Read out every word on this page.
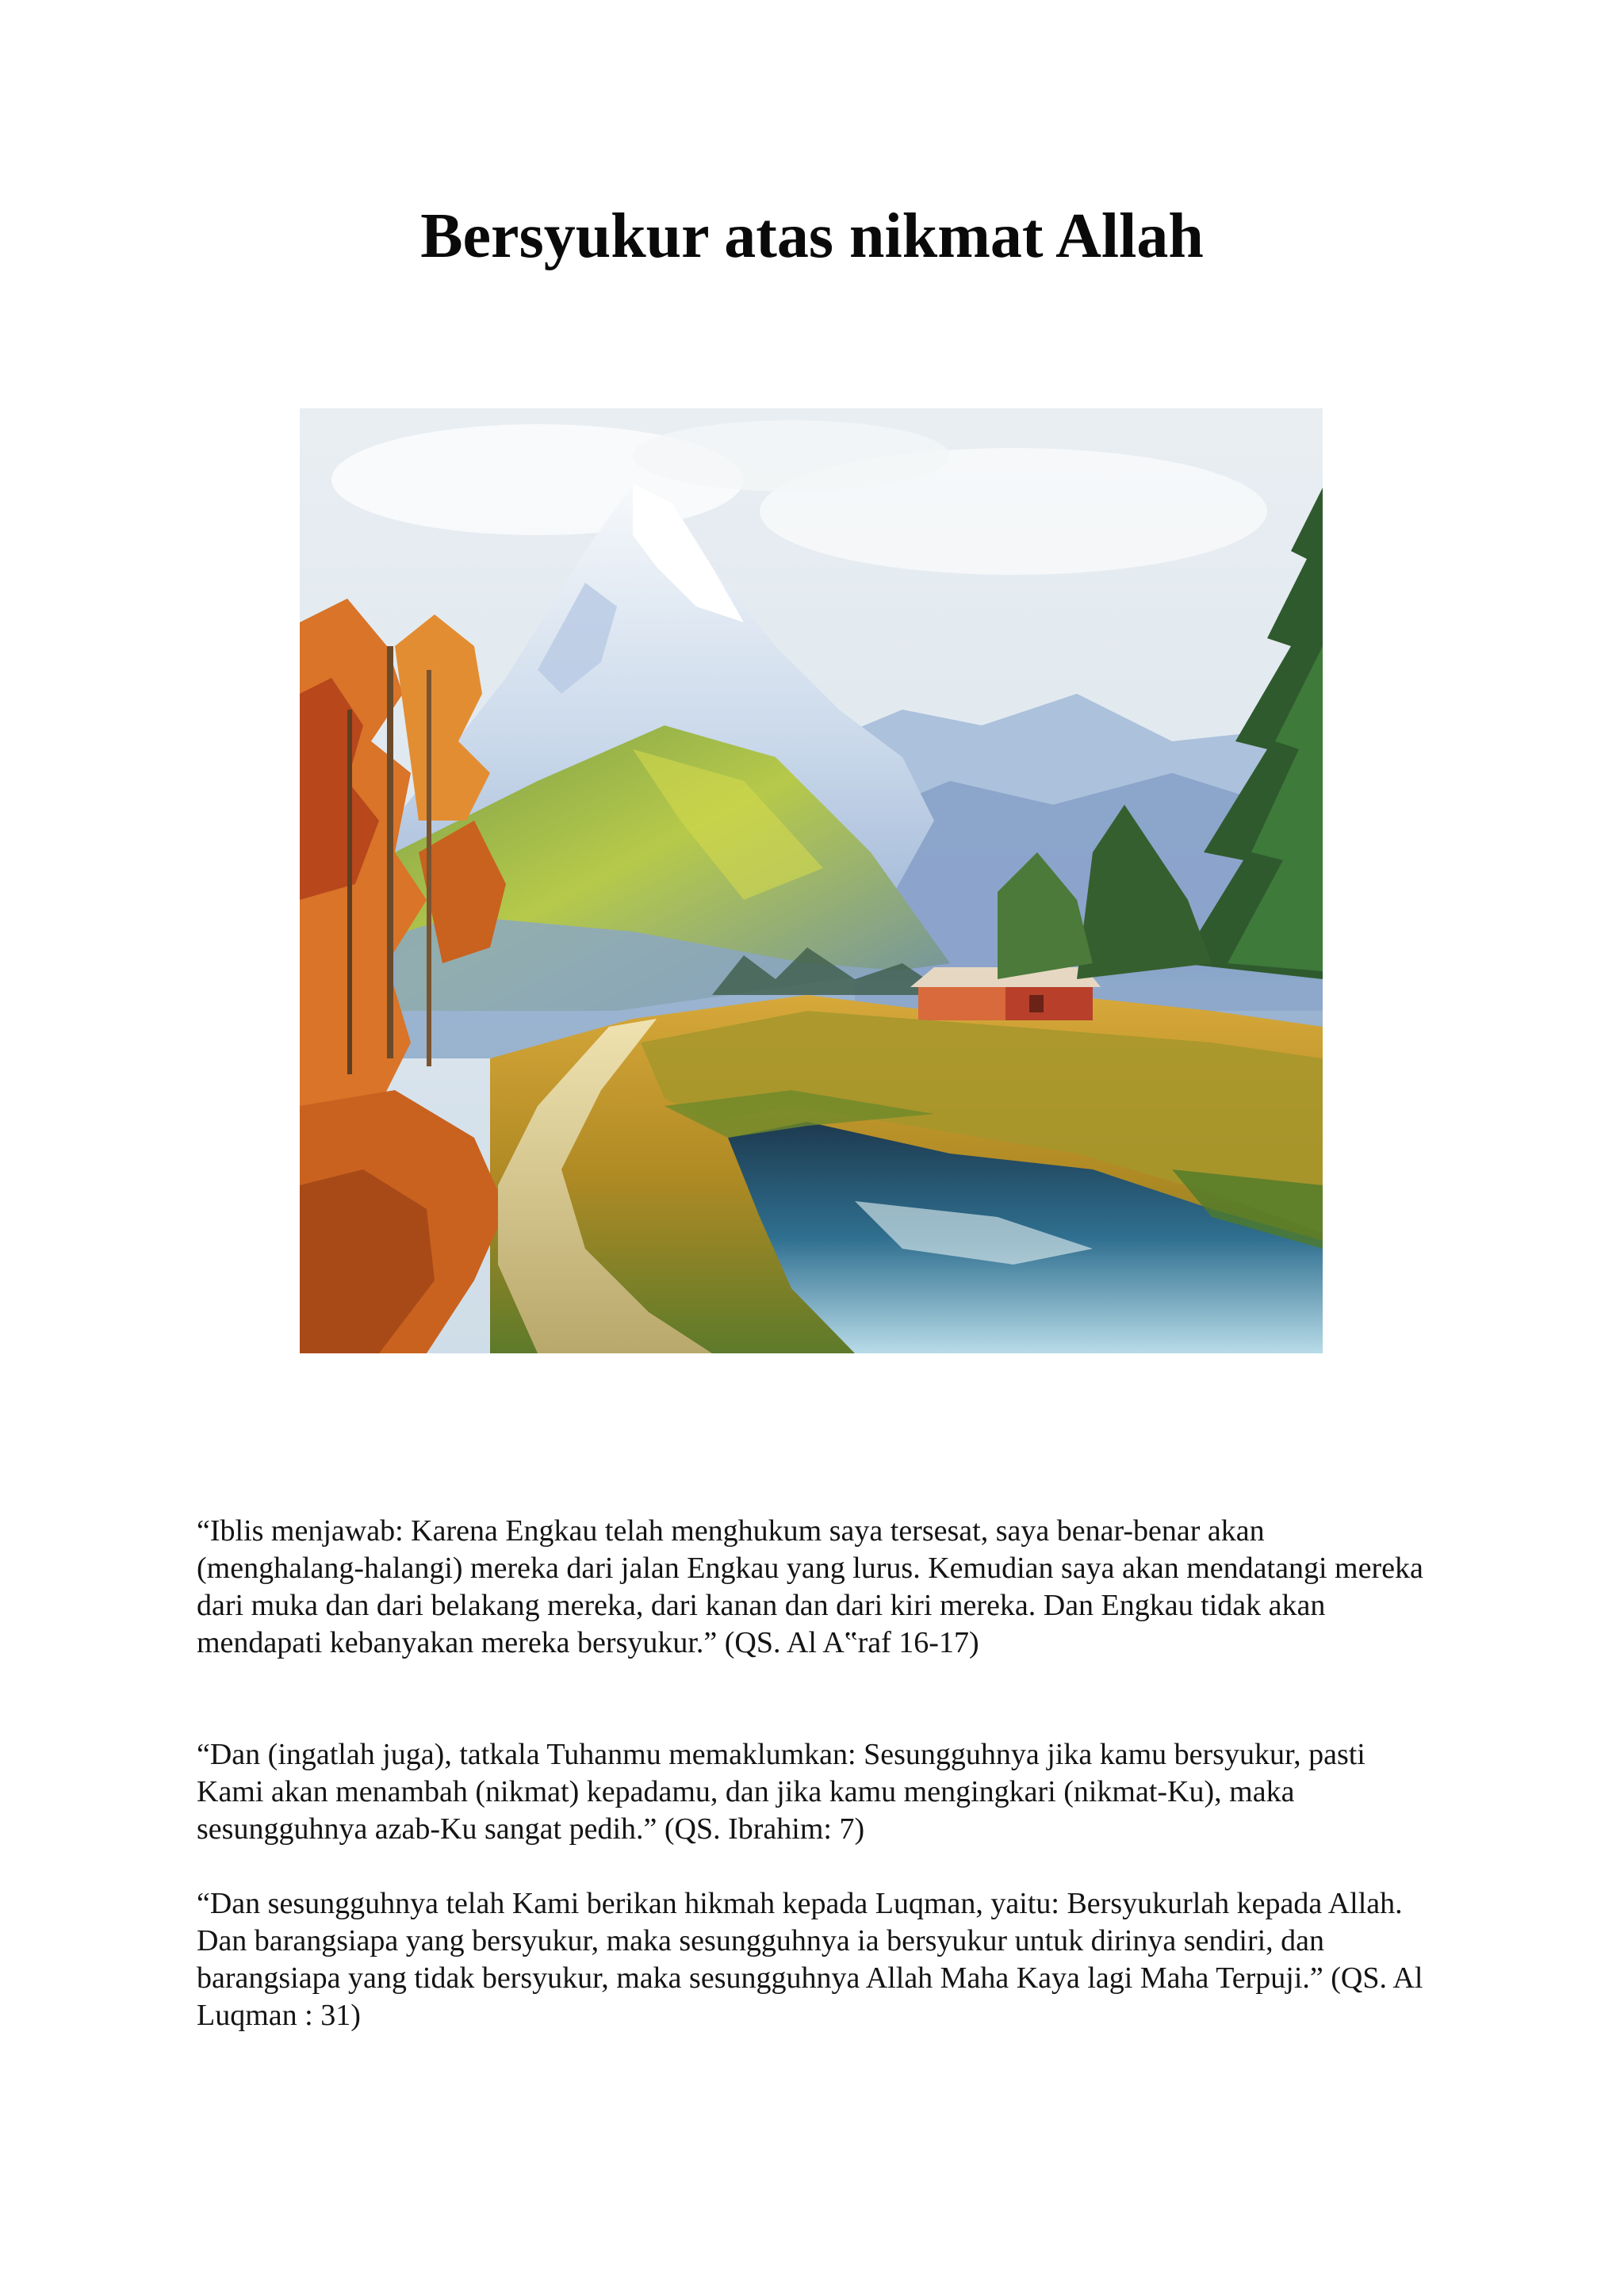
Bersyukur atas nikmat Allah

“Iblis menjawab: Karena Engkau telah menghukum saya tersesat, saya benar-benar akan (menghalang-halangi) mereka dari jalan Engkau yang lurus. Kemudian saya akan mendatangi mereka dari muka dan dari belakang mereka, dari kanan dan dari kiri mereka. Dan Engkau tidak akan mendapati kebanyakan mereka bersyukur.” (QS. Al A‟raf 16-17)

“Dan (ingatlah juga), tatkala Tuhanmu memaklumkan: Sesungguhnya jika kamu bersyukur, pasti Kami akan menambah (nikmat) kepadamu, dan jika kamu mengingkari (nikmat-Ku), maka sesungguhnya azab-Ku sangat pedih.” (QS. Ibrahim: 7)

“Dan sesungguhnya telah Kami berikan hikmah kepada Luqman, yaitu: Bersyukurlah kepada Allah. Dan barangsiapa yang bersyukur, maka sesungguhnya ia bersyukur untuk dirinya sendiri, dan barangsiapa yang tidak bersyukur, maka sesungguhnya Allah Maha Kaya lagi Maha Terpuji.” (QS. Al Luqman : 31)
